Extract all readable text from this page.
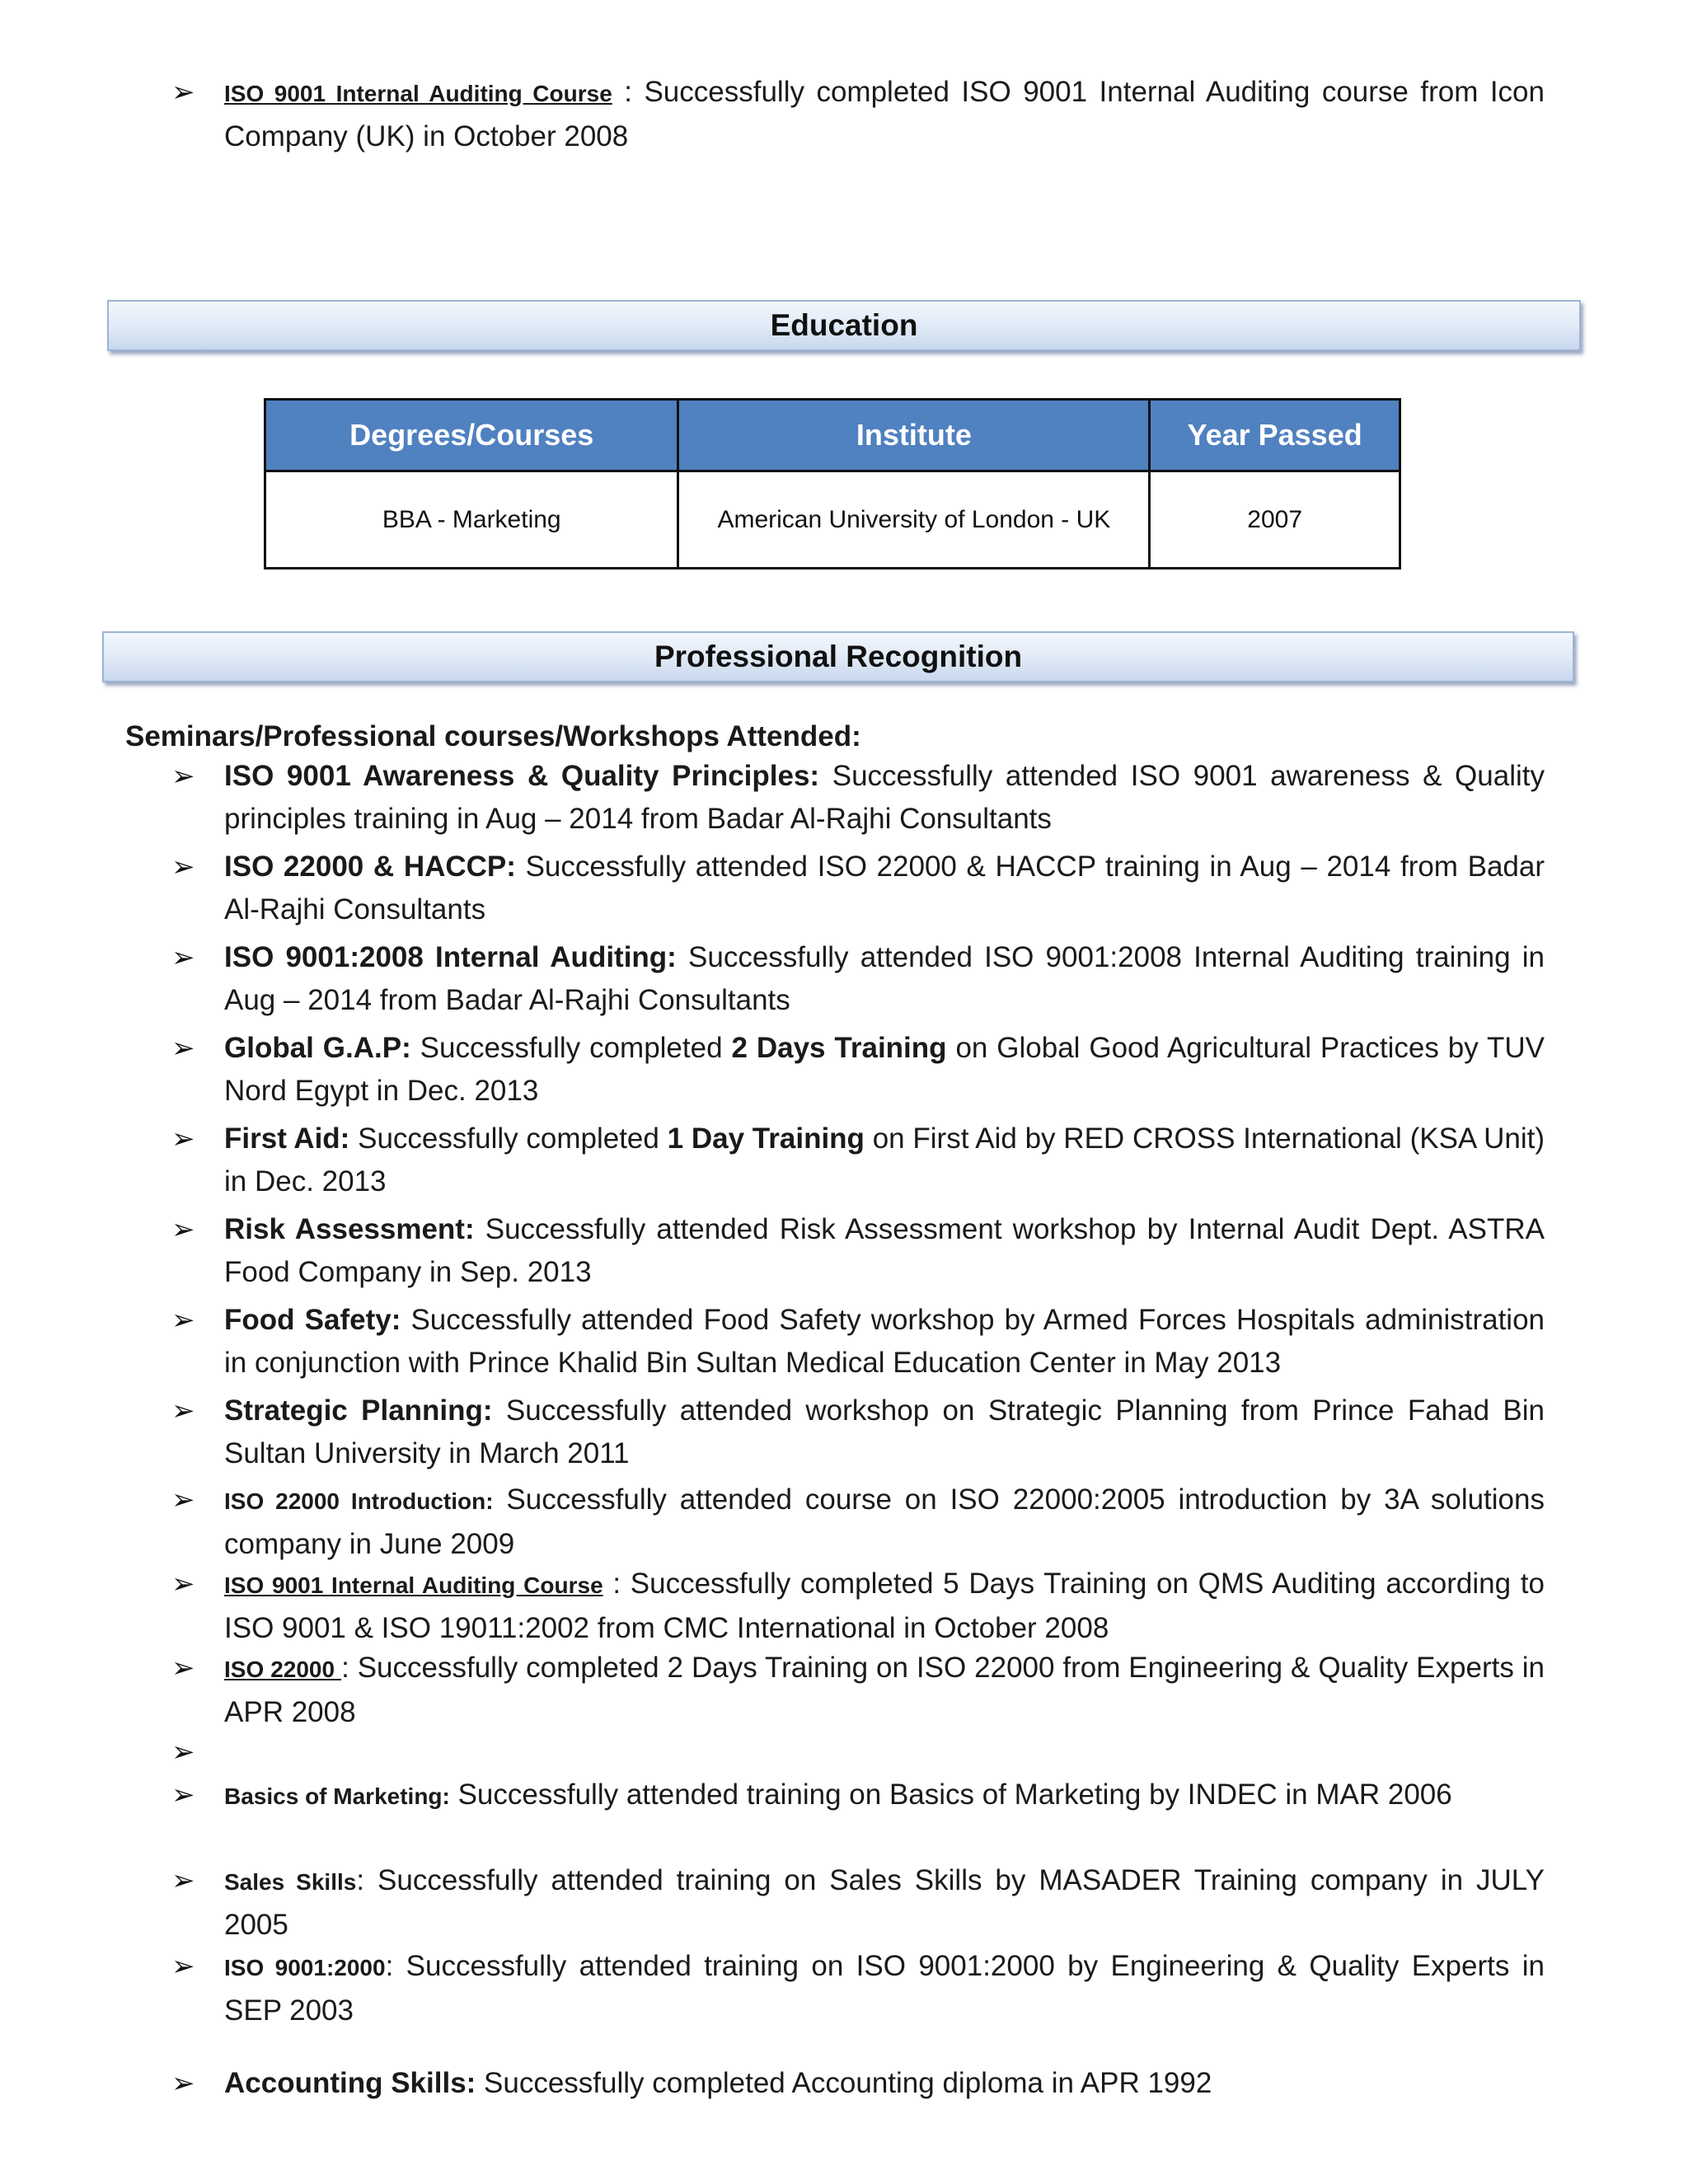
➢	ISO 9001 Internal Auditing Course : Successfully completed ISO 9001 Internal Auditing course from Icon Company (UK) in October 2008
Education
Degrees/Courses	Institute	Year Passed
BBA - Marketing	American University of London - UK	2007
Professional Recognition
Seminars/Professional courses/Workshops Attended:
➢	ISO 9001 Awareness & Quality Principles: Successfully attended ISO 9001 awareness & Quality principles training in Aug – 2014 from Badar Al-Rajhi Consultants
➢	ISO 22000 & HACCP: Successfully attended ISO 22000 & HACCP training in Aug – 2014 from Badar Al-Rajhi Consultants
➢	ISO 9001:2008 Internal Auditing: Successfully attended ISO 9001:2008 Internal Auditing training in Aug – 2014 from Badar Al-Rajhi Consultants
➢	Global G.A.P: Successfully completed 2 Days Training on Global Good Agricultural Practices by TUV Nord Egypt in Dec. 2013
➢	First Aid: Successfully completed 1 Day Training on First Aid by RED CROSS International (KSA Unit) in Dec. 2013
➢	Risk Assessment: Successfully attended Risk Assessment workshop by Internal Audit Dept. ASTRA Food Company in Sep. 2013
➢	Food Safety: Successfully attended Food Safety workshop by Armed Forces Hospitals administration in conjunction with Prince Khalid Bin Sultan Medical Education Center in May 2013
➢	Strategic Planning: Successfully attended workshop on Strategic Planning from Prince Fahad Bin Sultan University in March 2011
➢	ISO 22000 Introduction: Successfully attended course on ISO 22000:2005 introduction by 3A solutions company in June 2009
➢	ISO 9001 Internal Auditing Course : Successfully completed 5 Days Training on QMS Auditing according to ISO 9001 & ISO 19011:2002 from CMC International in October 2008
➢	ISO 22000 : Successfully completed 2 Days Training on ISO 22000 from Engineering & Quality Experts in APR 2008
➢
➢	Basics of Marketing: Successfully attended training on Basics of Marketing by INDEC in MAR 2006
➢	Sales Skills: Successfully attended training on Sales Skills by MASADER Training company in JULY 2005
➢	ISO 9001:2000: Successfully attended training on ISO 9001:2000 by Engineering & Quality Experts in SEP 2003
➢	Accounting Skills: Successfully completed Accounting diploma in APR 1992
